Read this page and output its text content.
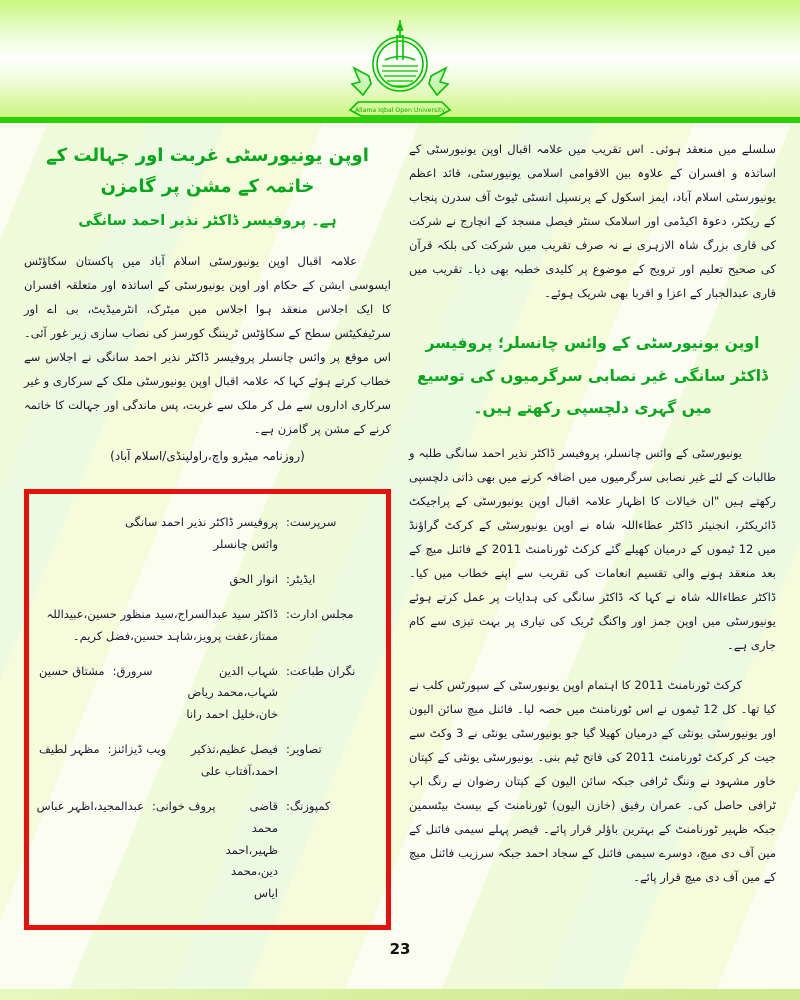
Allama Iqbal Open University
اوپن یونیورسٹی غربت اور جہالت کے خاتمہ کے مشن پر گامزن
ہے۔ پروفیسر ڈاکٹر نذیر احمد سانگی
علامہ اقبال اوپن یونیورسٹی اسلام آباد میں پاکستان سکاؤٹس ایسوسی ایشن کے حکام اور اوپن یونیورسٹی کے اساتذہ اور متعلقہ افسران کا ایک اجلاس منعقد ہوا اجلاس میں میٹرک، انٹرمیڈیٹ، بی اے اور سرٹیفکیٹس سطح کے سکاؤٹس ٹریننگ کورسز کی نصاب سازی زیر غور آئی۔ اس موقع پر وائس چانسلر پروفیسر ڈاکٹر نذیر احمد سانگی نے اجلاس سے خطاب کرتے ہوئے کہا کہ علامہ اقبال اوپن یونیورسٹی ملک کے سرکاری و غیر سرکاری اداروں سے مل کر ملک سے غربت، پس ماندگی اور جہالت کا خاتمہ کرنے کے مشن پر گامزن ہے۔
(روزنامہ میٹرو واچ،راولپنڈی/اسلام آباد)
سرپرست:
پروفیسر ڈاکٹر نذیر احمد سانگی
وائس چانسلر
ایڈیٹر:
انوار الحق
مجلس ادارت:
ڈاکٹر سید عبدالسراج،سید منظور حسین،عبیداللہ ممتاز،عفت پرویز،شاہد حسین،فضل کریم۔
نگران طباعت:
شہاب الدین شہاب،محمد ریاض خان،خلیل احمد رانا
سرورق:
مشتاق حسین
تصاویر:
فیصل عظیم،تذکیر احمد،آفتاب علی
ویب ڈیزائنز:
مظہر لطیف
کمپوزنگ:
قاضی محمد ظہیر،احمد دین،محمد ایاس
پروف خوانی:
عبدالمجید،اظہر عباس
سلسلے میں منعقد ہوئی۔ اس تقریب میں علامہ اقبال اوپن یونیورسٹی کے اساتذہ و افسران کے علاوہ بین الاقوامی اسلامی یونیورسٹی، قائد اعظم یونیورسٹی اسلام آباد، ایمز اسکول کے پرنسپل انسٹی ٹیوٹ آف سدرن پنجاب کے ریکٹر، دعوۃ اکیڈمی اور اسلامک سنٹر فیصل مسجد کے انچارج نے شرکت کی قاری بزرگ شاہ الازہری نے نہ صرف تقریب میں شرکت کی بلکہ قرآن کی صحیح تعلیم اور ترویج کے موضوع پر کلیدی خطبہ بھی دیا۔ تقریب میں قاری عبدالجبار کے اعزا و اقربا بھی شریک ہوئے۔
اوپن یونیورسٹی کے وائس چانسلر؛ پروفیسر ڈاکٹر سانگی غیر نصابی سرگرمیوں کی توسیع میں گہری دلچسپی رکھتے ہیں۔
یونیورسٹی کے وائس چانسلر، پروفیسر ڈاکٹر نذیر احمد سانگی طلبہ و طالبات کے لئے غیر نصابی سرگرمیوں میں اضافہ کرنے میں بھی ذاتی دلچسپی رکھتے ہیں "ان خیالات کا اظہار علامہ اقبال اوپن یونیورسٹی کے پراجیکٹ ڈائریکٹر، انجنیئر ڈاکٹر عطاءاللہ شاہ نے اوپن یونیورسٹی کے کرکٹ گراؤنڈ میں 12 ٹیموں کے درمیان کھیلے گئے کرکٹ ٹورنامنٹ 2011 کے فائنل میچ کے بعد منعقد ہونے والی تقسیم انعامات کی تقریب سے اپنے خطاب میں کیا۔ ڈاکٹر عطاءاللہ شاہ نے کہا کہ ڈاکٹر سانگی کی ہدایات پر عمل کرتے ہوئے یونیورسٹی میں اوپن جمز اور واکنگ ٹریک کی تیاری پر بہت تیزی سے کام جاری ہے۔
کرکٹ ٹورنامنٹ 2011 کا اہتمام اوپن یونیورسٹی کے سپورٹس کلب نے کیا تھا۔ کل 12 ٹیموں نے اس ٹورنامنٹ میں حصہ لیا۔ فائنل میچ سائن الیون اور یونیورسٹی یونٹی کے درمیان کھیلا گیا جو یونیورسٹی یونٹی نے 3 وکٹ سے جیت کر کرکٹ ٹورنامنٹ 2011 کی فاتح ٹیم بنی۔ یونیورسٹی یونٹی کے کپتان خاور مشہود نے وننگ ٹرافی جبکہ سائن الیون کے کپتان رضوان نے رنگ اپ ٹرافی حاصل کی۔ عمران رفیق (خازن الیون) ٹورنامنٹ کے بیسٹ بیٹسمین جبکہ ظہیر ٹورنامنٹ کے بہترین باؤلر قرار پائے۔ قیصر پہلے سیمی فائنل کے مین آف دی میچ، دوسرے سیمی فائنل کے سجاد احمد جبکہ سرزیب فائنل میچ کے مین آف دی میچ قرار پائے۔
23
